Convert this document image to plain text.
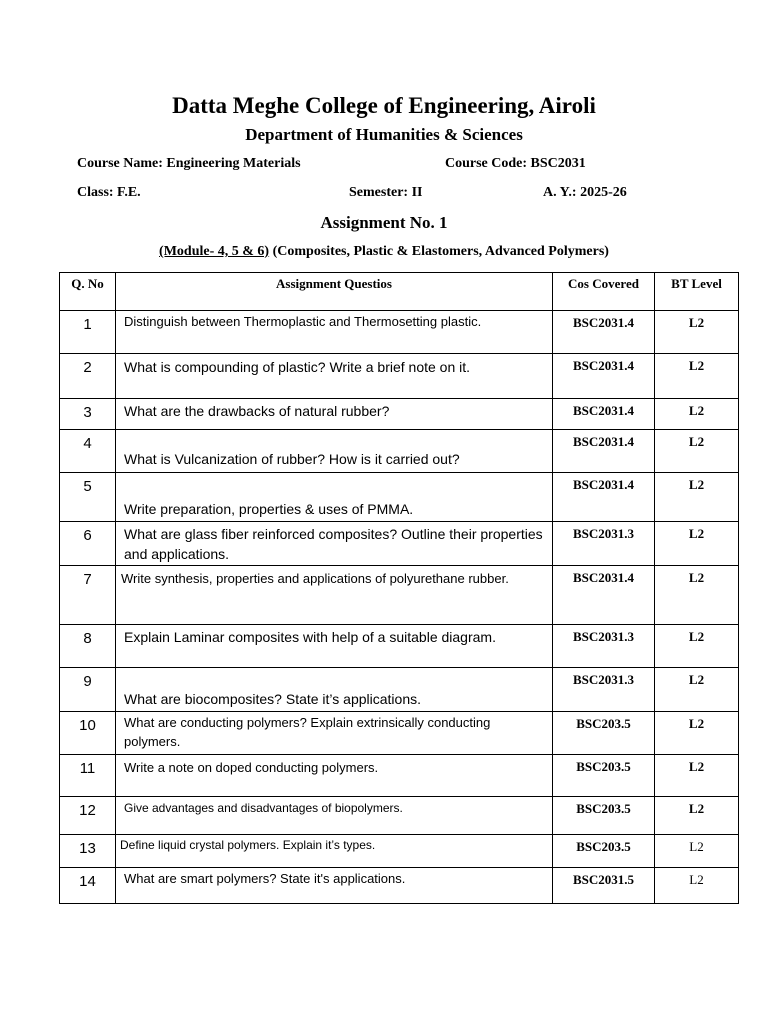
Datta Meghe College of Engineering, Airoli
Department of Humanities & Sciences
Course Name: Engineering Materials	Course Code: BSC2031
Class: F.E.	Semester: II	A. Y.: 2025-26
Assignment No. 1
(Module- 4, 5 & 6) (Composites, Plastic & Elastomers, Advanced Polymers)
Q. No	Assignment Questios	Cos Covered	BT Level
1	Distinguish between Thermoplastic and Thermosetting plastic.	BSC2031.4	L2
2	What is compounding of plastic? Write a brief note on it.	BSC2031.4	L2
3	What are the drawbacks of natural rubber?	BSC2031.4	L2
4	What is Vulcanization of rubber? How is it carried out?	BSC2031.4	L2
5	Write preparation, properties & uses of PMMA.	BSC2031.4	L2
6	What are glass fiber reinforced composites? Outline their properties and applications.	BSC2031.3	L2
7	Write synthesis, properties and applications of polyurethane rubber.	BSC2031.4	L2
8	Explain Laminar composites with help of a suitable diagram.	BSC2031.3	L2
9	What are biocomposites? State it’s applications.	BSC2031.3	L2
10	What are conducting polymers? Explain extrinsically conducting polymers.	BSC203.5	L2
11	Write a note on doped conducting polymers.	BSC203.5	L2
12	Give advantages and disadvantages of biopolymers.	BSC203.5	L2
13	Define liquid crystal polymers. Explain it’s types.	BSC203.5	L2
14	What are smart polymers? State it's applications.	BSC2031.5	L2
